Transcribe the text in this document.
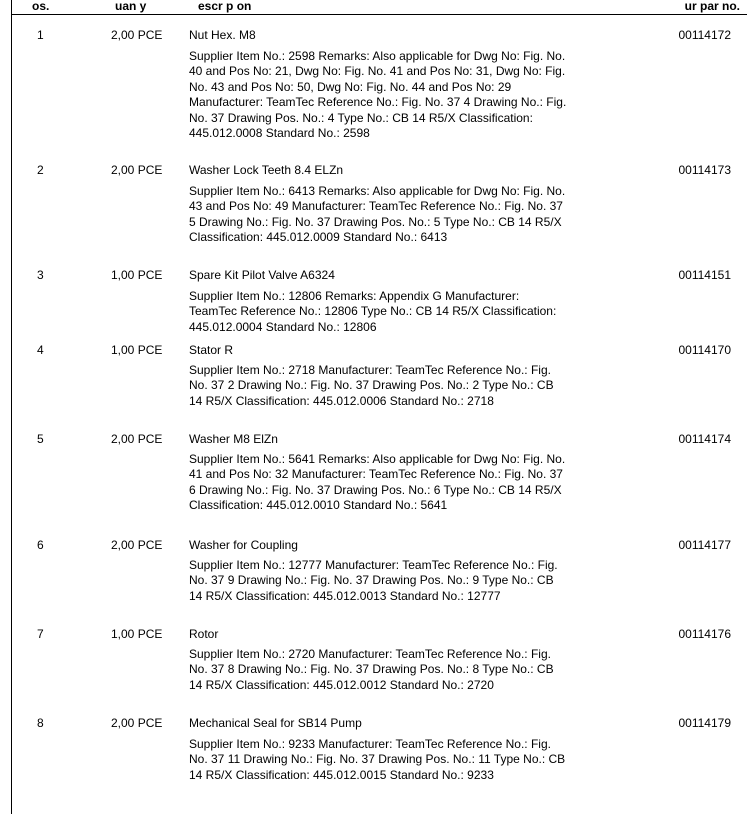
os.	uan y	escr p on	ur par no.
1	2,00 PCE Nut Hex. M8	00114172
Supplier Item No.: 2598 Remarks: Also applicable for Dwg No: Fig. No. 40 and Pos No: 21, Dwg No: Fig. No. 41 and Pos No: 31, Dwg No: Fig. No. 43 and Pos No: 50, Dwg No: Fig. No. 44 and Pos No: 29 Manufacturer: TeamTec Reference No.: Fig. No. 37 4 Drawing No.: Fig. No. 37 Drawing Pos. No.: 4 Type No.: CB 14 R5/X Classification: 445.012.0008 Standard No.: 2598
2	2,00 PCE Washer Lock Teeth 8.4 ELZn	00114173
Supplier Item No.: 6413 Remarks: Also applicable for Dwg No: Fig. No. 43 and Pos No: 49 Manufacturer: TeamTec Reference No.: Fig. No. 37 5 Drawing No.: Fig. No. 37 Drawing Pos. No.: 5 Type No.: CB 14 R5/X Classification: 445.012.0009 Standard No.: 6413
3	1,00 PCE Spare Kit Pilot Valve A6324	00114151
Supplier Item No.: 12806 Remarks: Appendix G Manufacturer: TeamTec Reference No.: 12806 Type No.: CB 14 R5/X Classification: 445.012.0004 Standard No.: 12806
4	1,00 PCE Stator R	00114170
Supplier Item No.: 2718 Manufacturer: TeamTec Reference No.: Fig. No. 37 2 Drawing No.: Fig. No. 37 Drawing Pos. No.: 2 Type No.: CB 14 R5/X Classification: 445.012.0006 Standard No.: 2718
5	2,00 PCE Washer M8 ElZn	00114174
Supplier Item No.: 5641 Remarks: Also applicable for Dwg No: Fig. No. 41 and Pos No: 32 Manufacturer: TeamTec Reference No.: Fig. No. 37 6 Drawing No.: Fig. No. 37 Drawing Pos. No.: 6 Type No.: CB 14 R5/X Classification: 445.012.0010 Standard No.: 5641
6	2,00 PCE Washer for Coupling	00114177
Supplier Item No.: 12777 Manufacturer: TeamTec Reference No.: Fig. No. 37 9 Drawing No.: Fig. No. 37 Drawing Pos. No.: 9 Type No.: CB 14 R5/X Classification: 445.012.0013 Standard No.: 12777
7	1,00 PCE Rotor	00114176
Supplier Item No.: 2720 Manufacturer: TeamTec Reference No.: Fig. No. 37 8 Drawing No.: Fig. No. 37 Drawing Pos. No.: 8 Type No.: CB 14 R5/X Classification: 445.012.0012 Standard No.: 2720
8	2,00 PCE Mechanical Seal for SB14 Pump	00114179
Supplier Item No.: 9233 Manufacturer: TeamTec Reference No.: Fig. No. 37 11 Drawing No.: Fig. No. 37 Drawing Pos. No.: 11 Type No.: CB 14 R5/X Classification: 445.012.0015 Standard No.: 9233
